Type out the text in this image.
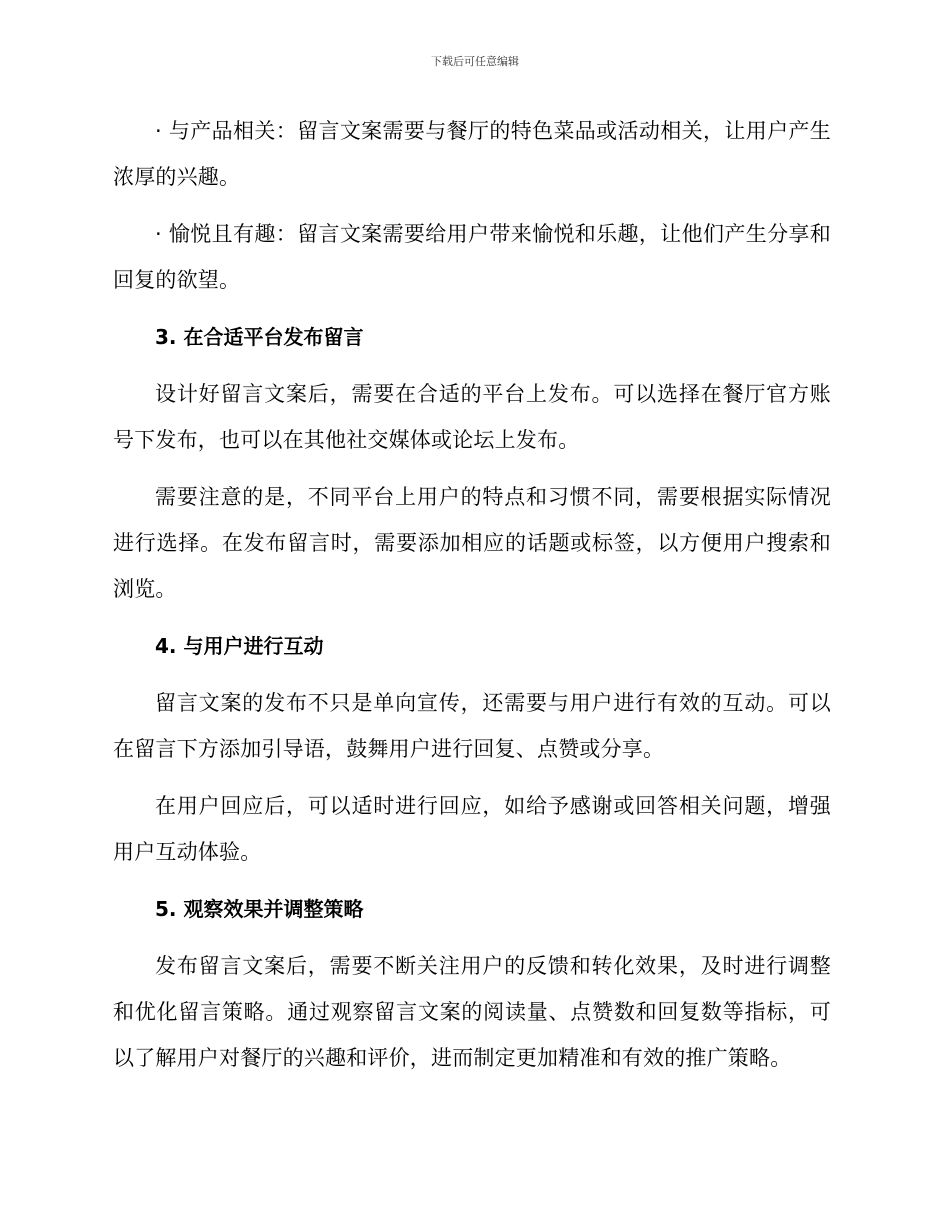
下载后可任意编辑

· 与产品相关：留言文案需要与餐厅的特色菜品或活动相关，让用户产生浓厚的兴趣。

· 愉悦且有趣：留言文案需要给用户带来愉悦和乐趣，让他们产生分享和回复的欲望。

3. 在合适平台发布留言

设计好留言文案后，需要在合适的平台上发布。可以选择在餐厅官方账号下发布，也可以在其他社交媒体或论坛上发布。

需要注意的是，不同平台上用户的特点和习惯不同，需要根据实际情况进行选择。在发布留言时，需要添加相应的话题或标签，以方便用户搜索和浏览。

4. 与用户进行互动

留言文案的发布不只是单向宣传，还需要与用户进行有效的互动。可以在留言下方添加引导语，鼓舞用户进行回复、点赞或分享。

在用户回应后，可以适时进行回应，如给予感谢或回答相关问题，增强用户互动体验。

5. 观察效果并调整策略

发布留言文案后，需要不断关注用户的反馈和转化效果，及时进行调整和优化留言策略。通过观察留言文案的阅读量、点赞数和回复数等指标，可以了解用户对餐厅的兴趣和评价，进而制定更加精准和有效的推广策略。
